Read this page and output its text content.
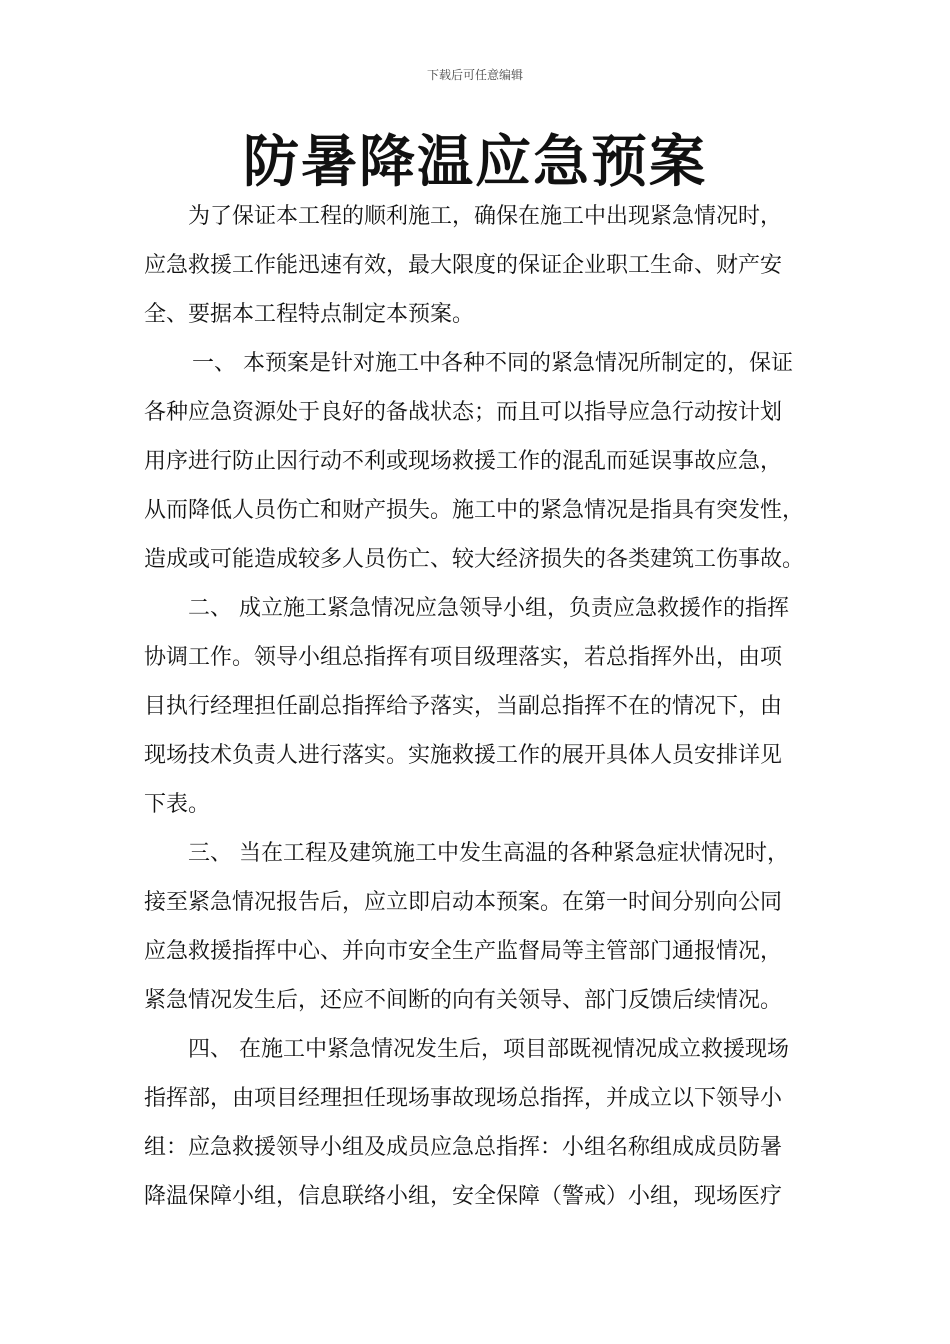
下载后可任意编辑
防暑降温应急预案

为了保证本工程的顺利施工，确保在施工中出现紧急情况时，
应急救援工作能迅速有效，最大限度的保证企业职工生命、财产安
全、要据本工程特点制定本预案。

一、 本预案是针对施工中各种不同的紧急情况所制定的，保证
各种应急资源处于良好的备战状态；而且可以指导应急行动按计划
用序进行防止因行动不利或现场救援工作的混乱而延误事故应急，
从而降低人员伤亡和财产损失。施工中的紧急情况是指具有突发性，
造成或可能造成较多人员伤亡、较大经济损失的各类建筑工伤事故。

二、 成立施工紧急情况应急领导小组，负责应急救援作的指挥
协调工作。领导小组总指挥有项目级理落实，若总指挥外出，由项
目执行经理担任副总指挥给予落实，当副总指挥不在的情况下，由
现场技术负责人进行落实。实施救援工作的展开具体人员安排详见
下表。

三、 当在工程及建筑施工中发生高温的各种紧急症状情况时，
接至紧急情况报告后，应立即启动本预案。在第一时间分别向公同
应急救援指挥中心、并向市安全生产监督局等主管部门通报情况，
紧急情况发生后，还应不间断的向有关领导、部门反馈后续情况。

四、 在施工中紧急情况发生后，项目部既视情况成立救援现场
指挥部，由项目经理担任现场事故现场总指挥，并成立以下领导小
组：应急救援领导小组及成员应急总指挥：小组名称组成成员防暑
降温保障小组，信息联络小组，安全保障（警戒）小组，现场医疗
